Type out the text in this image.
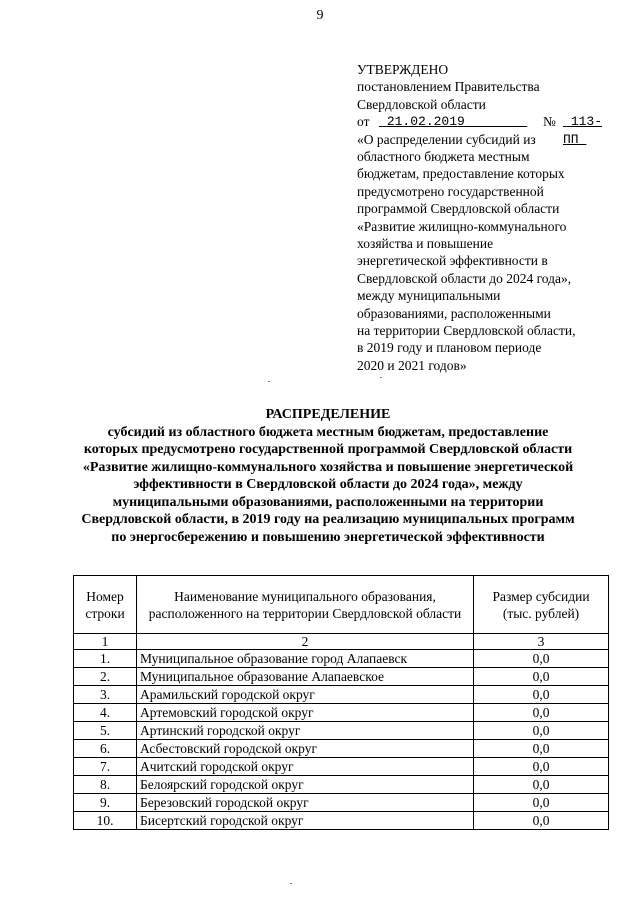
9
УТВЕРЖДЕНО
постановлением Правительства
Свердловской области
от	21.02.2019	№	113-ПП
«О распределении субсидий из
областного бюджета местным
бюджетам, предоставление которых
предусмотрено государственной
программой Свердловской области
«Развитие жилищно-коммунального
хозяйства и повышение
энергетической эффективности в
Свердловской области до 2024 года»,
между муниципальными
образованиями, расположенными
на территории Свердловской области,
в 2019 году и плановом периоде
2020 и 2021 годов»
РАСПРЕДЕЛЕНИЕ
субсидий из областного бюджета местным бюджетам, предоставление
которых предусмотрено государственной программой Свердловской области
«Развитие жилищно-коммунального хозяйства и повышение энергетической
эффективности в Свердловской области до 2024 года», между
муниципальными образованиями, расположенными на территории
Свердловской области, в 2019 году на реализацию муниципальных программ
по энергосбережению и повышению энергетической эффективности
Номер строки	Наименование муниципального образования, расположенного на территории Свердловской области	Размер субсидии (тыс. рублей)
1	2	3
1.	Муниципальное образование город Алапаевск	0,0
2.	Муниципальное образование Алапаевское	0,0
3.	Арамильский городской округ	0,0
4.	Артемовский городской округ	0,0
5.	Артинский городской округ	0,0
6.	Асбестовский городской округ	0,0
7.	Ачитский городской округ	0,0
8.	Белоярский городской округ	0,0
9.	Березовский городской округ	0,0
10.	Бисертский городской округ	0,0
